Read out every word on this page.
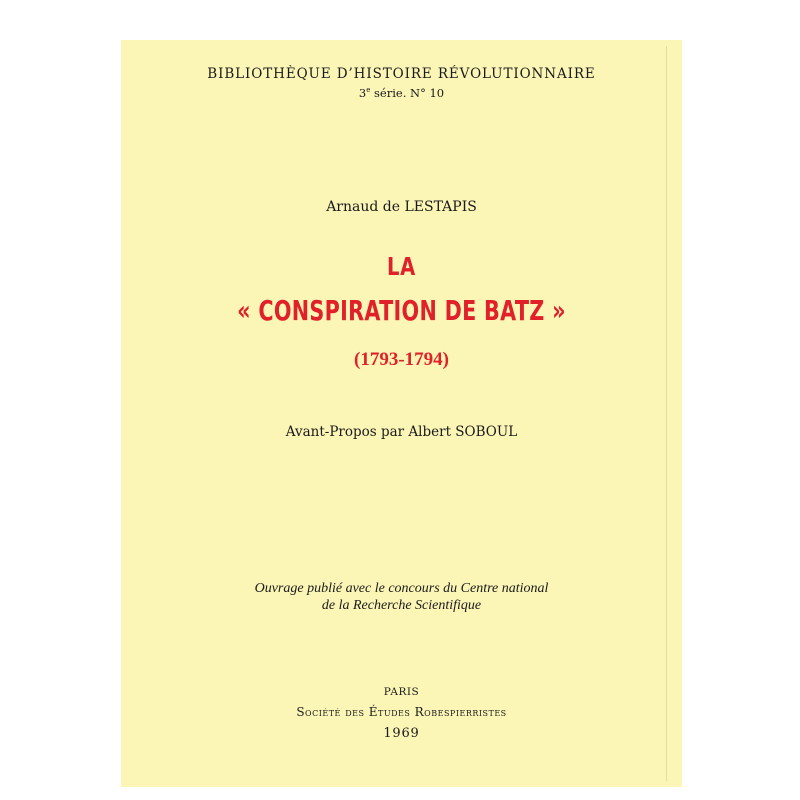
BIBLIOTHÈQUE D’HISTOIRE RÉVOLUTIONNAIRE
3e série. N° 10
Arnaud de LESTAPIS
LA
« CONSPIRATION DE BATZ »
(1793-1794)
Avant-Propos par Albert SOBOUL
Ouvrage publié avec le concours du Centre national
de la Recherche Scientifique
PARIS
Société des Études Robespierristes
1969
